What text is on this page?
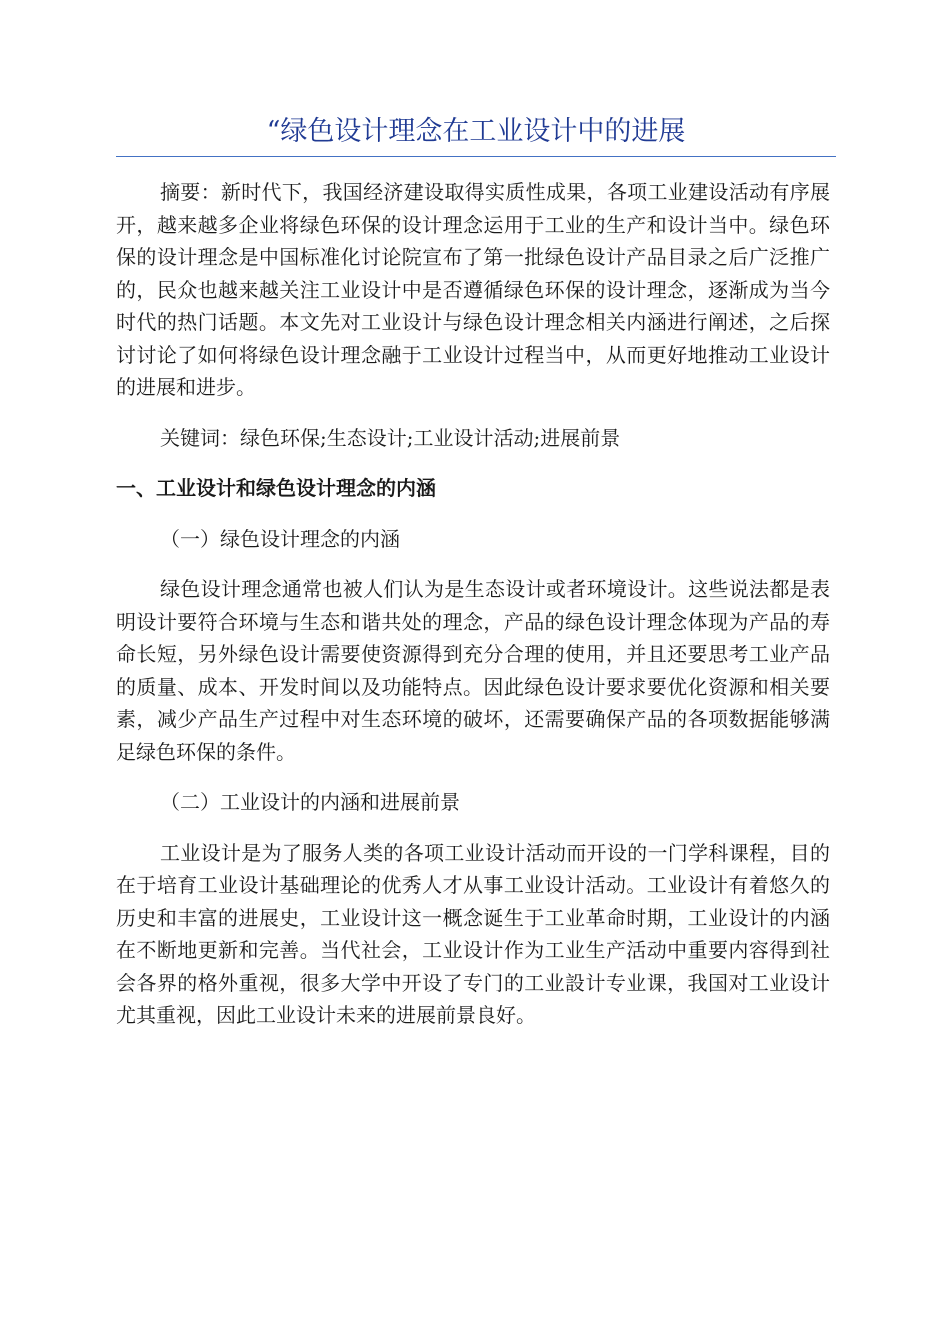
“绿色设计理念在工业设计中的进展

摘要：新时代下，我国经济建设取得实质性成果，各项工业建设活动有序展开，越来越多企业将绿色环保的设计理念运用于工业的生产和设计当中。绿色环保的设计理念是中国标准化讨论院宣布了第一批绿色设计产品目录之后广泛推广的，民众也越来越关注工业设计中是否遵循绿色环保的设计理念，逐渐成为当今时代的热门话题。本文先对工业设计与绿色设计理念相关内涵进行阐述，之后探讨讨论了如何将绿色设计理念融于工业设计过程当中，从而更好地推动工业设计的进展和进步。

关键词：绿色环保;生态设计;工业设计活动;进展前景

一、工业设计和绿色设计理念的内涵

（一）绿色设计理念的内涵

绿色设计理念通常也被人们认为是生态设计或者环境设计。这些说法都是表明设计要符合环境与生态和谐共处的理念，产品的绿色设计理念体现为产品的寿命长短，另外绿色设计需要使资源得到充分合理的使用，并且还要思考工业产品的质量、成本、开发时间以及功能特点。因此绿色设计要求要优化资源和相关要素，减少产品生产过程中对生态环境的破坏，还需要确保产品的各项数据能够满足绿色环保的条件。

（二）工业设计的内涵和进展前景

工业设计是为了服务人类的各项工业设计活动而开设的一门学科课程，目的在于培育工业设计基础理论的优秀人才从事工业设计活动。工业设计有着悠久的历史和丰富的进展史，工业设计这一概念诞生于工业革命时期，工业设计的内涵在不断地更新和完善。当代社会，工业设计作为工业生产活动中重要内容得到社会各界的格外重视，很多大学中开设了专门的工业設计专业课，我国对工业设计尤其重视，因此工业设计未来的进展前景良好。
